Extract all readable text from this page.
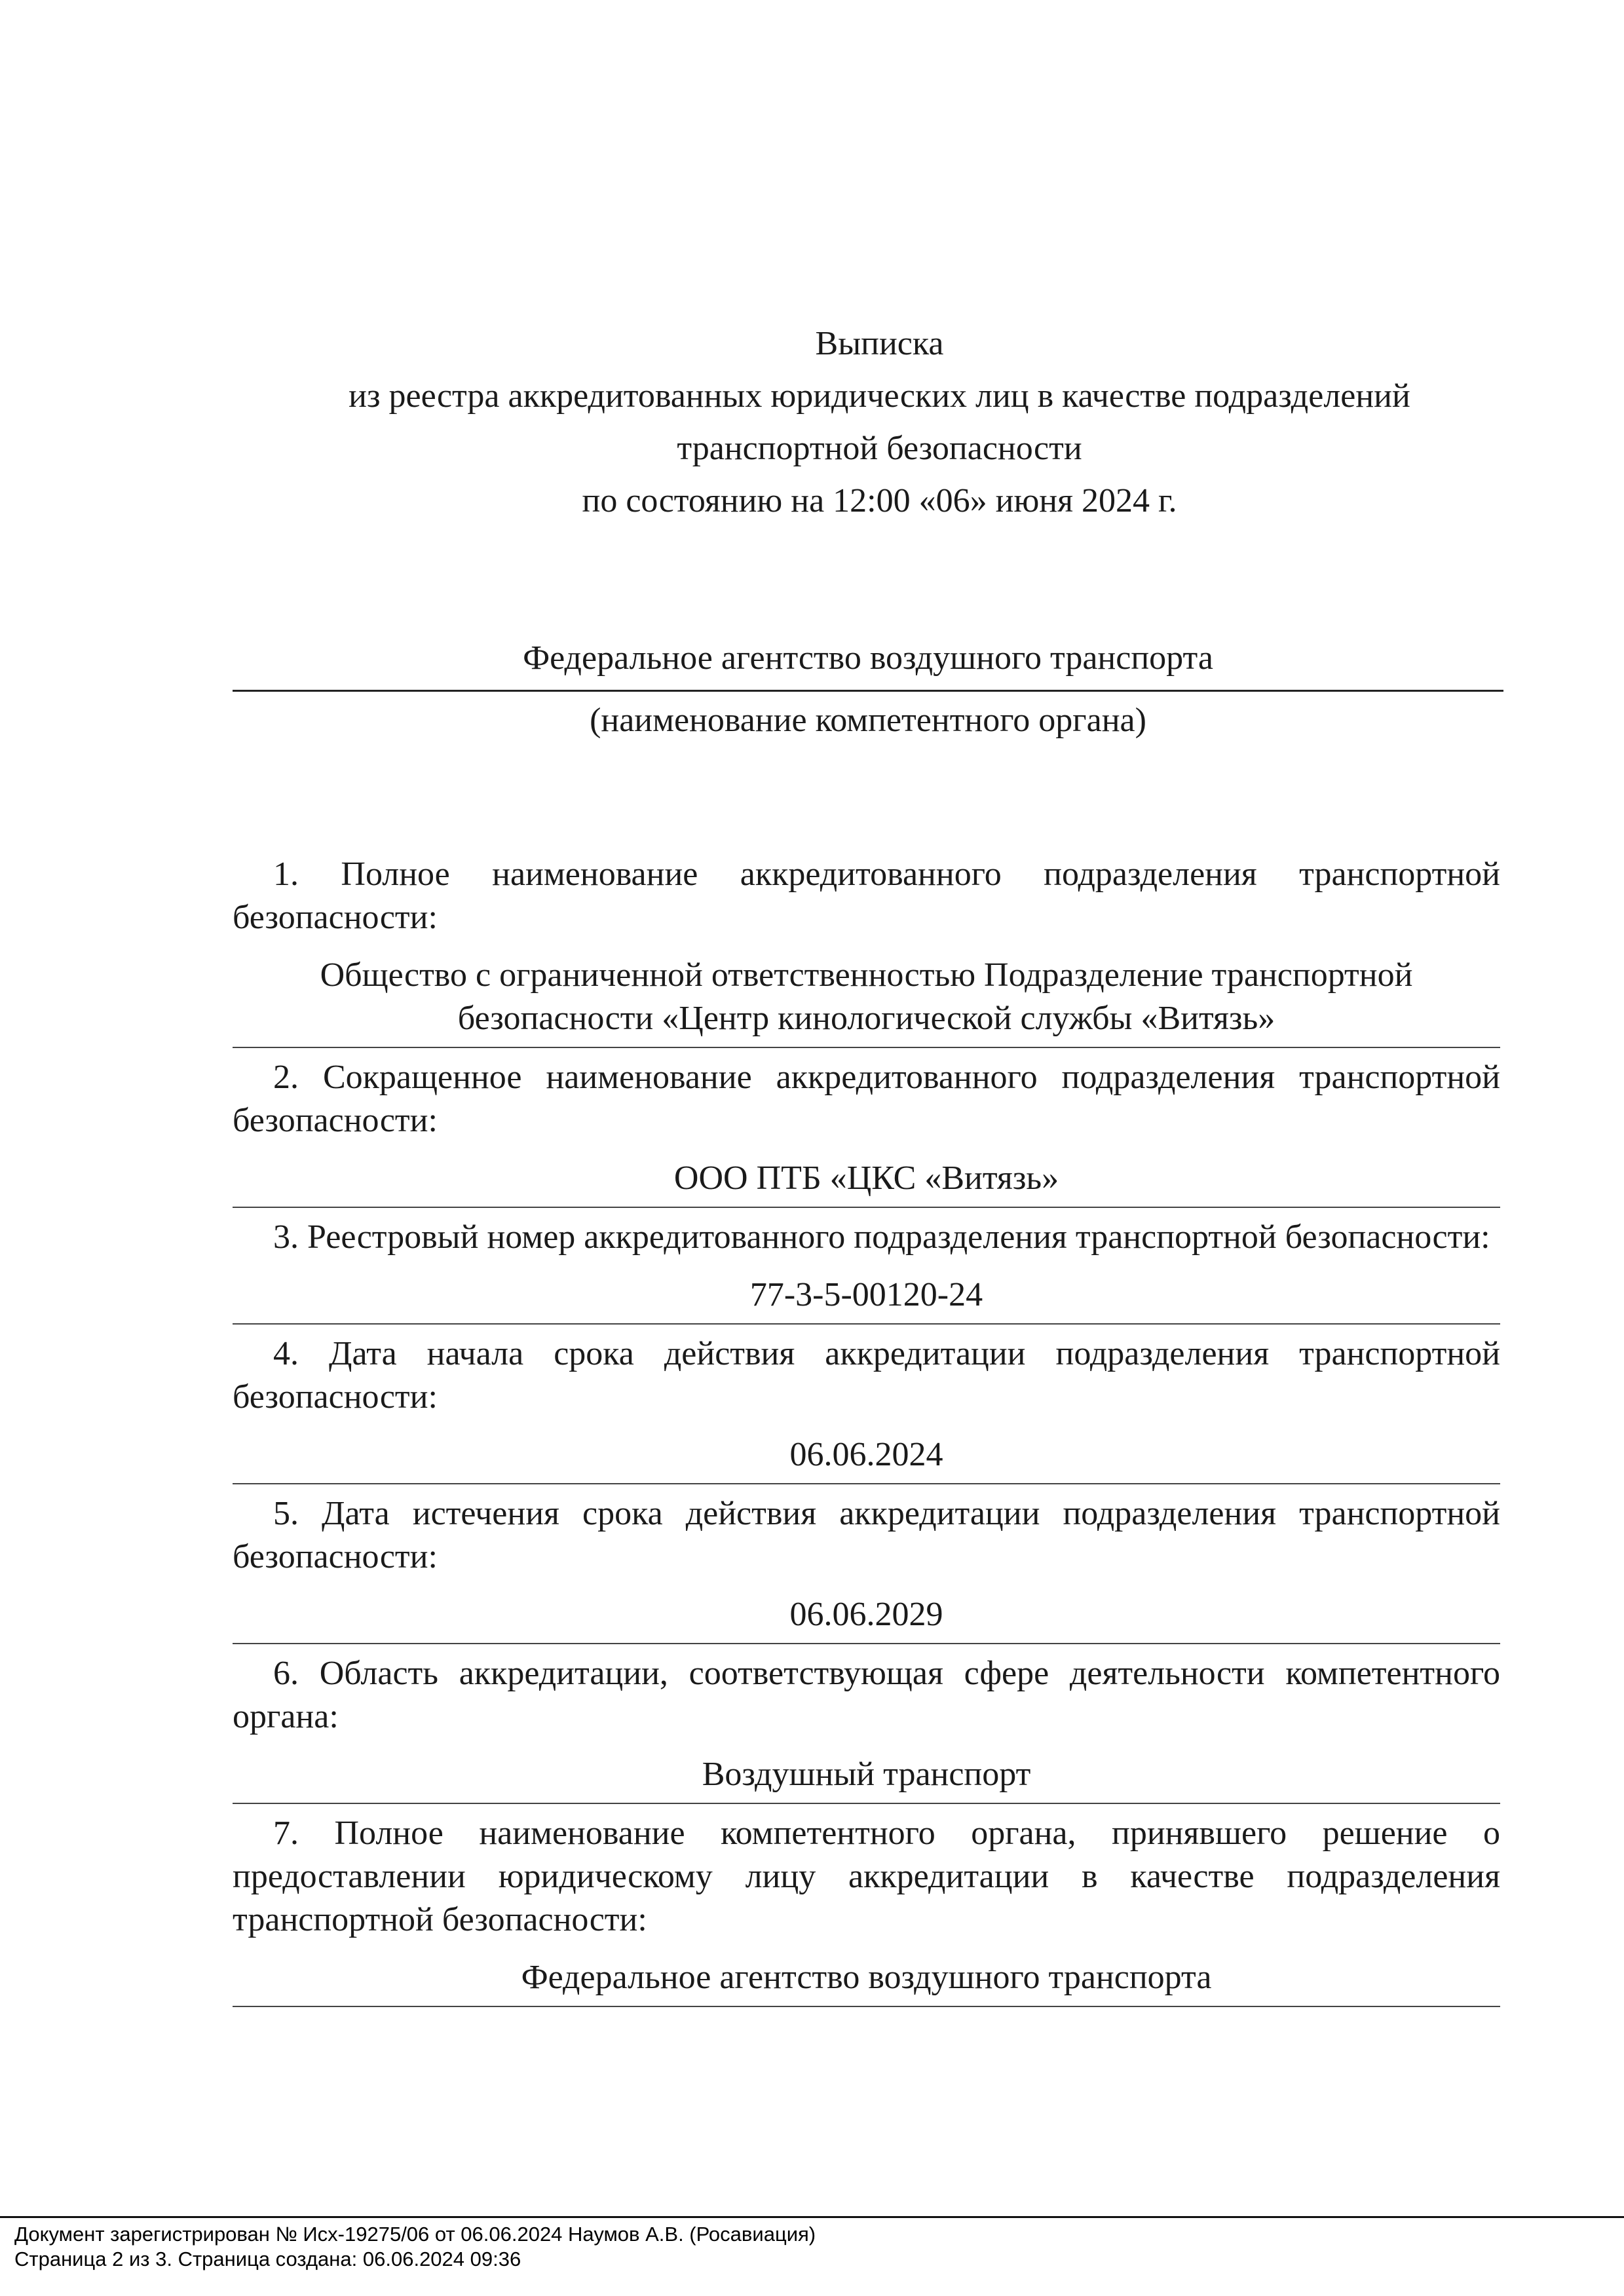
Выписка
из реестра аккредитованных юридических лиц в качестве подразделений
транспортной безопасности
по состоянию на 12:00 «06» июня 2024 г.
Федеральное агентство воздушного транспорта
(наименование компетентного органа)

1. Полное наименование аккредитованного подразделения транспортной безопасности:

Общество с ограниченной ответственностью Подразделение транспортной безопасности «Центр кинологической службы «Витязь»

2. Сокращенное наименование аккредитованного подразделения транспортной безопасности:

ООО ПТБ «ЦКС «Витязь»

3. Реестровый номер аккредитованного подразделения транспортной безопасности:

77-3-5-00120-24

4. Дата начала срока действия аккредитации подразделения транспортной безопасности:

06.06.2024

5. Дата истечения срока действия аккредитации подразделения транспортной безопасности:

06.06.2029

6. Область аккредитации, соответствующая сфере деятельности компетентного органа:

Воздушный транспорт

7. Полное наименование компетентного органа, принявшего решение о предоставлении юридическому лицу аккредитации в качестве подразделения транспортной безопасности:

Федеральное агентство воздушного транспорта

Документ зарегистрирован № Исх-19275/06 от 06.06.2024 Наумов А.В. (Росавиация)
Страница 2 из 3. Страница создана: 06.06.2024 09:36
